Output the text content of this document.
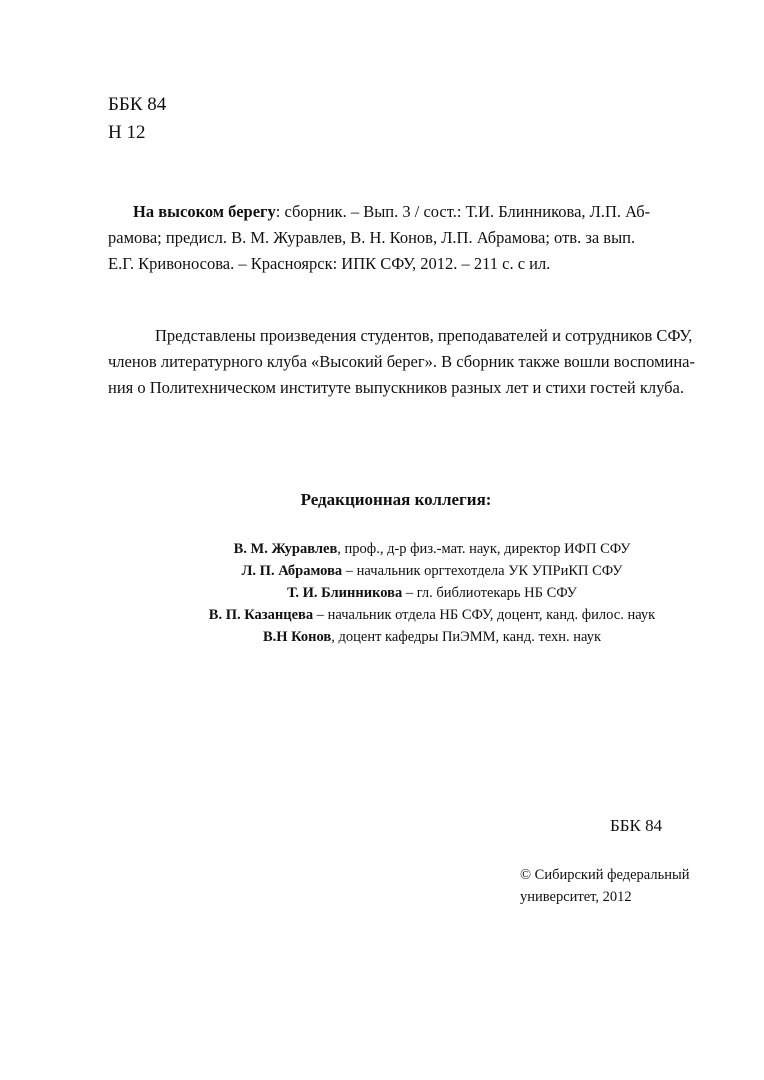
ББК 84
Н 12
На высоком берегу: сборник. – Вып. 3 / сост.: Т.И. Блинникова, Л.П. Аб-
рамова; предисл. В. М. Журавлев, В. Н. Конов, Л.П. Абрамова; отв. за вып.
Е.Г. Кривоносова. – Красноярск: ИПК СФУ, 2012. – 211 с. с ил.
Представлены произведения студентов, преподавателей и сотрудников СФУ,
членов литературного клуба «Высокий берег». В сборник также вошли воспомина-
ния о Политехническом институте выпускников разных лет и стихи гостей клуба.
Редакционная коллегия:
В. М. Журавлев, проф., д-р физ.-мат. наук, директор ИФП СФУ
Л. П. Абрамова – начальник оргтехотдела УК УПРиКП СФУ
Т. И. Блинникова – гл. библиотекарь НБ СФУ
В. П. Казанцева – начальник отдела НБ СФУ, доцент, канд. филос. наук
В.Н Конов, доцент кафедры ПиЭММ, канд. техн. наук
ББК 84
© Сибирский федеральный
университет, 2012
